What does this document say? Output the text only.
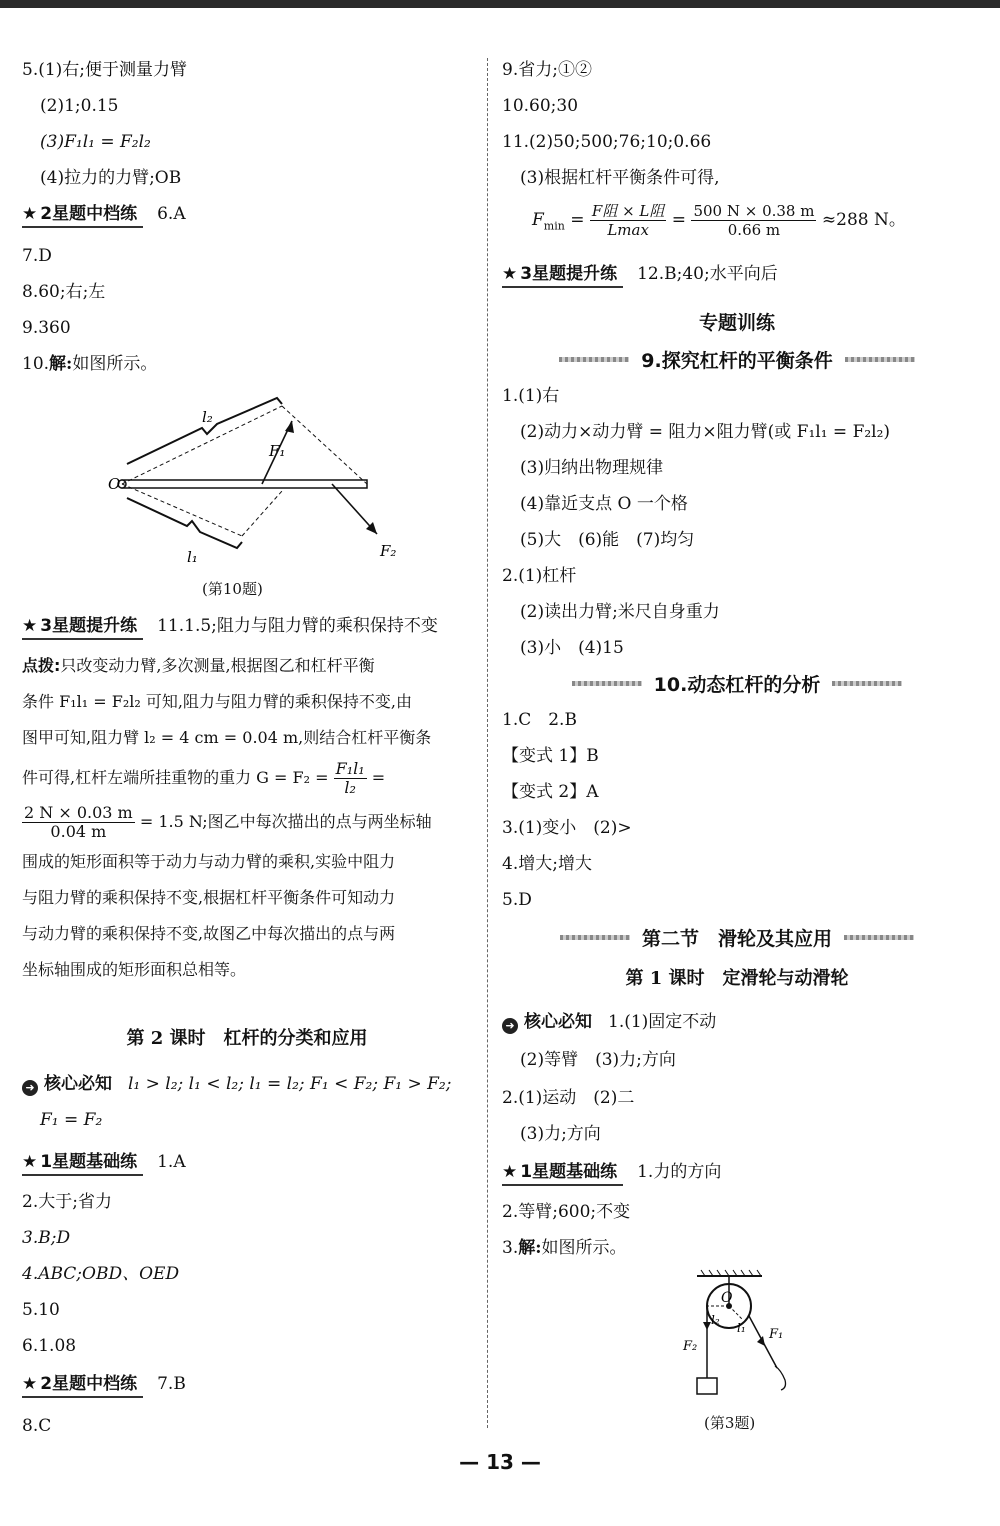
5.(1)右;便于测量力臂
(2)1;0.15
(3)F₁l₁ = F₂l₂
(4)拉力的力臂;OB
★ 2星题中档练 6.A
7.D
8.60;右;左
9.360
10.解:如图所示。
l₂
F₁
O
l₁	F₂
(第10题)
★ 3星题提升练 11.1.5;阻力与阻力臂的乘积保持不变
点拨:只改变动力臂,多次测量,根据图乙和杠杆平衡
条件 F₁l₁ = F₂l₂ 可知,阻力与阻力臂的乘积保持不变,由
图甲可知,阻力臂 l₂ = 4 cm = 0.04 m,则结合杠杆平衡条
件可得,杠杆左端所挂重物的重力 $G = F_2 = \frac{\text{F₁l₁}}{\text{l₂}}$ =
$\frac{2 N \times 0.03 m}{0.04 m} = 1.5$ N;图乙中每次描出的点与两坐标轴
围成的矩形面积等于动力与动力臂的乘积,实验中阻力
与阻力臂的乘积保持不变,根据杠杆平衡条件可知动力
与动力臂的乘积保持不变,故图乙中每次描出的点与两
坐标轴围成的矩形面积总相等。
第 2 课时　杠杆的分类和应用
➜ 核心必知 l₁ > l₂; l₁ < l₂; l₁ = l₂; F₁ < F₂; F₁ > F₂;
F₁ = F₂
★ 1星题基础练 1.A
2.大于;省力
3.B;D
4.ABC;OBD、OED
5.10
6.1.08
★ 2星题中档练 7.B
8.C
9.省力;①②
10.60;30
11.(2)50;500;76;10;0.66
(3)根据杠杆平衡条件可得,
$F_{min} = \frac{\text{F阻 × L阻}}{Lmax} = \frac{500 N \times 0.38 m}{0.66 m} \approx 288$ N。
★ 3星题提升练 12.B;40;水平向后
专题训练
9.探究杠杆的平衡条件
1.(1)右
(2)动力×动力臂 = 阻力×阻力臂(或 F₁l₁ = F₂l₂)
(3)归纳出物理规律
(4)靠近支点 O 一个格
(5)大　(6)能　(7)均匀
2.(1)杠杆
(2)读出力臂;米尺自身重力
(3)小　(4)15
10.动态杠杆的分析
1.C　2.B
【变式 1】B
【变式 2】A
3.(1)变小　(2)>
4.增大;增大
5.D
第二节　滑轮及其应用
第 1 课时　定滑轮与动滑轮
➜ 核心必知 1.(1)固定不动
(2)等臂　(3)力;方向
2.(1)运动　(2)二
(3)力;方向
★ 1星题基础练 1.力的方向
2.等臂;600;不变
3.解:如图所示。
O
F₂
l₂
l₁ F₁
(第3题)
— 13 —
